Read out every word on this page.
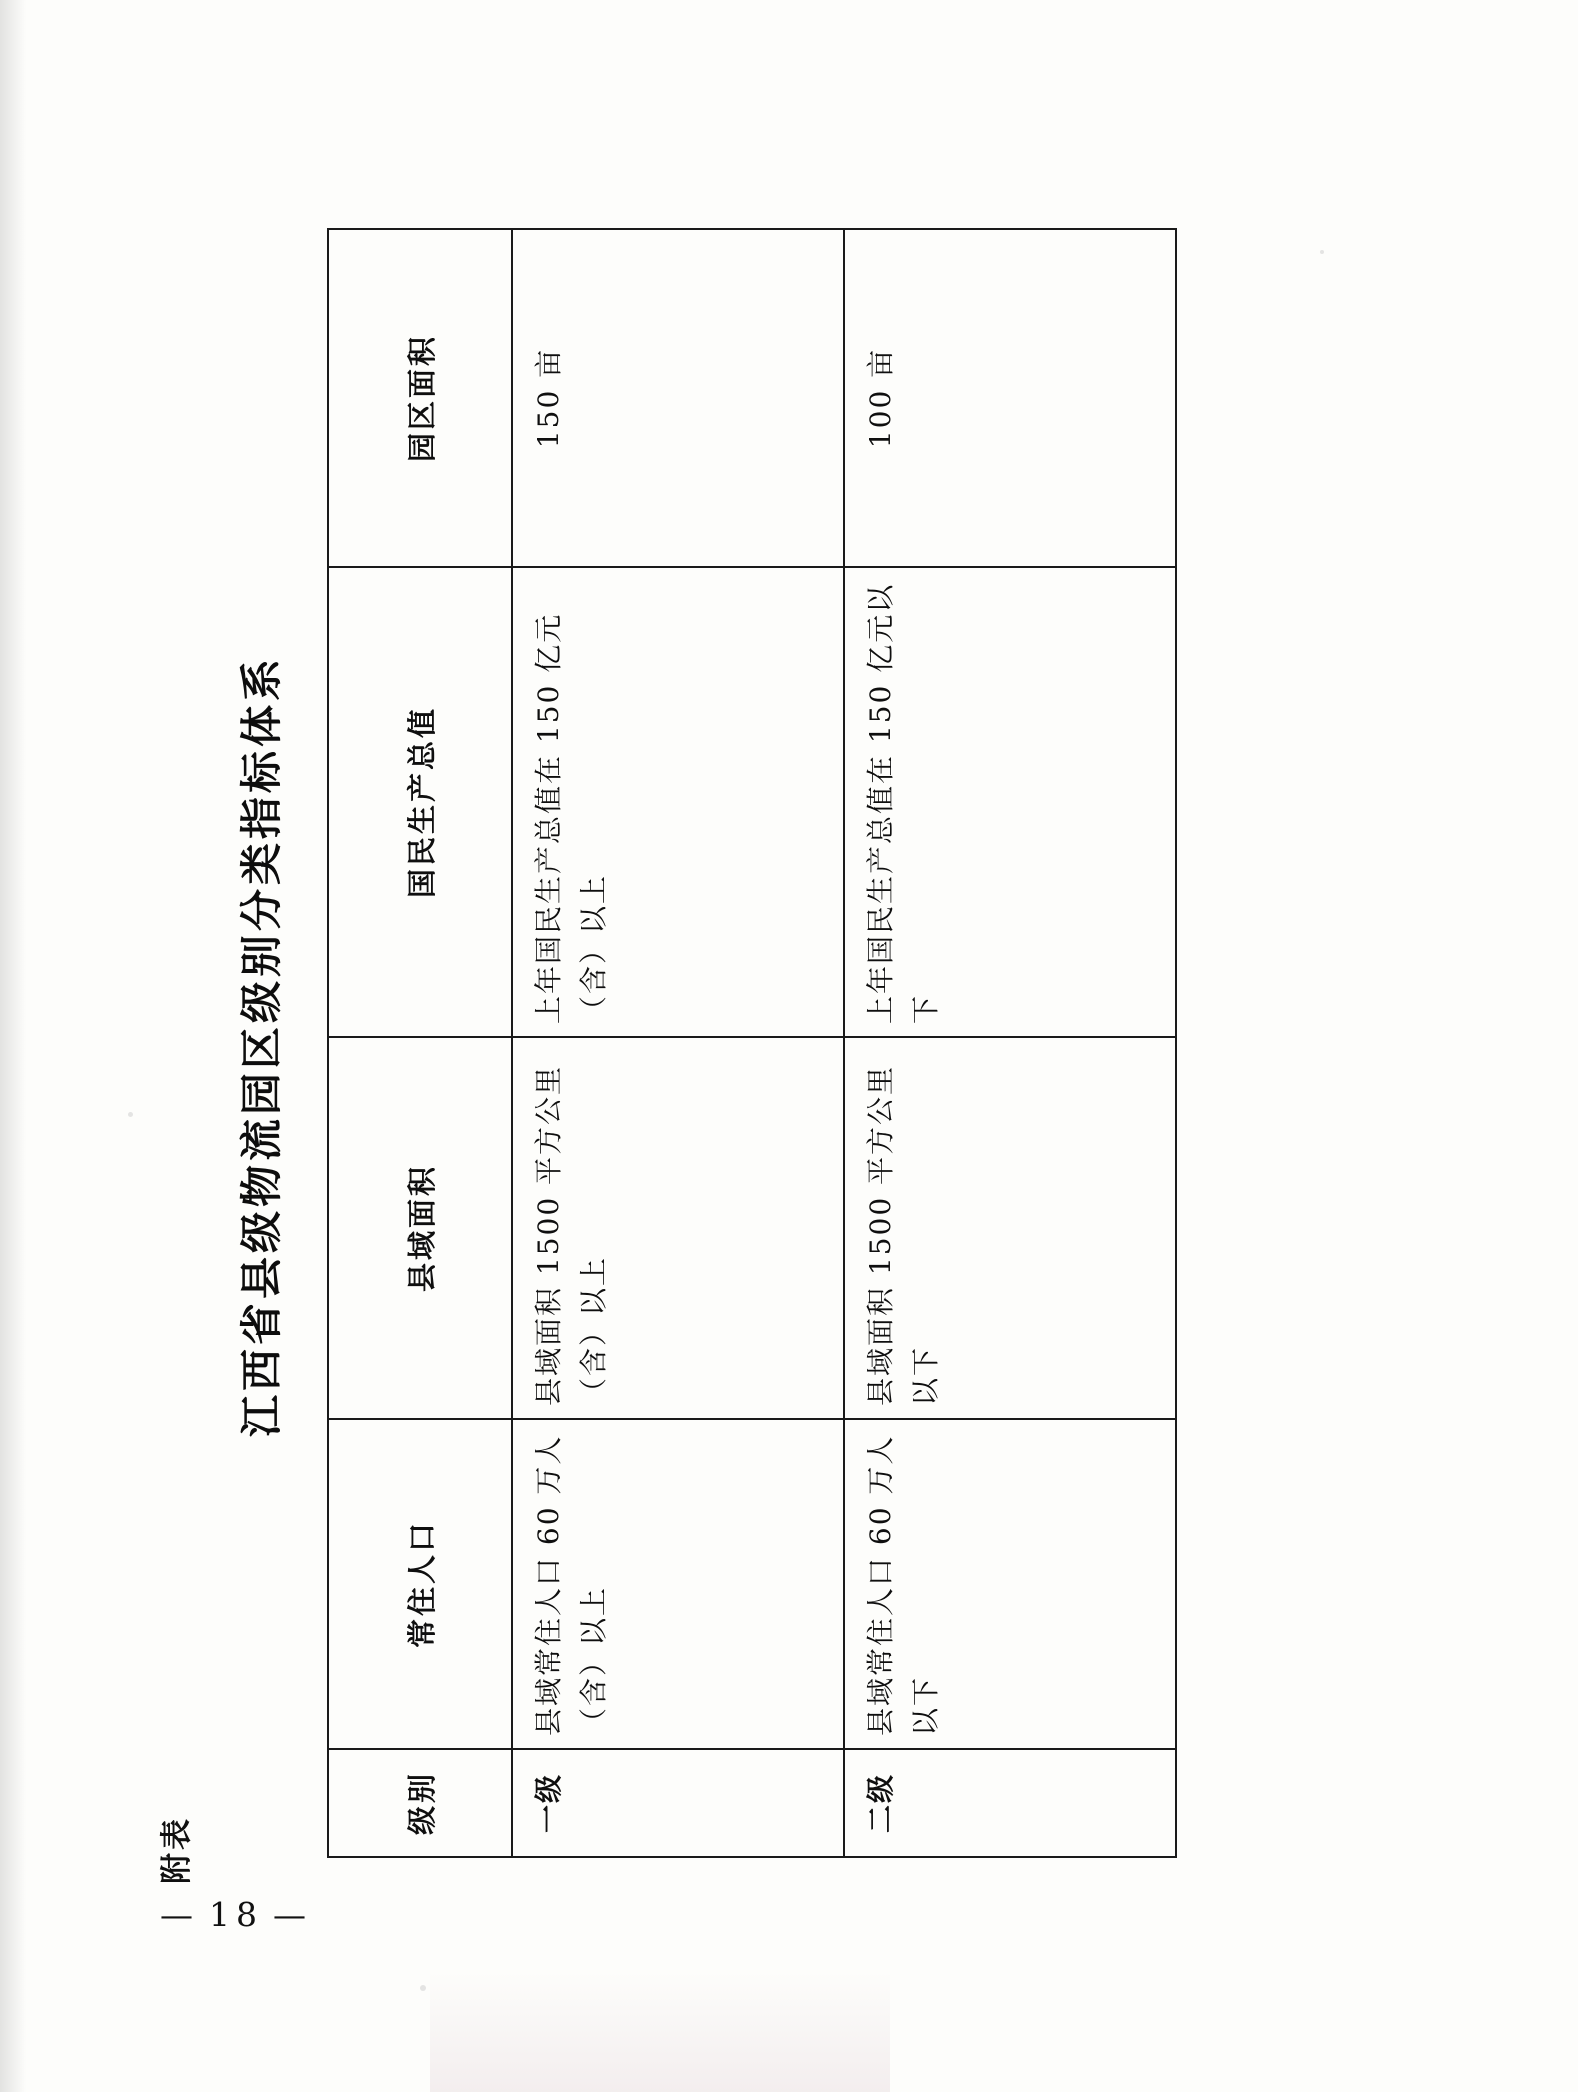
附表
江西省县级物流园区级别分类指标体系
级别	常住人口	县域面积	国民生产总值	园区面积
一级	县域常住人口 60 万人（含）以上	县域面积 1500 平方公里（含）以上	上年国民生产总值在 150 亿元（含）以上	150 亩
二级	县域常住人口 60 万人以下	县域面积 1500 平方公里以下	上年国民生产总值在 150 亿元以下	100 亩
— 18 —
